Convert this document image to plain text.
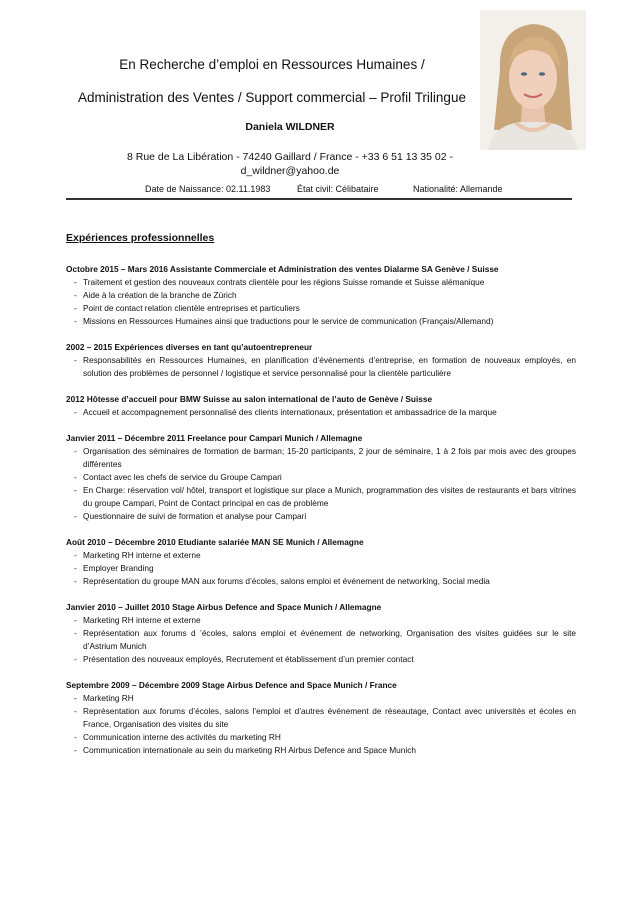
En Recherche d’emploi en Ressources Humaines /
Administration des Ventes / Support commercial – Profil Trilingue
Daniela WILDNER
8 Rue de La Libération - 74240 Gaillard / France - +33 6 51 13 35 02 -
d_wildner@yahoo.de
Date de Naissance: 02.11.1983	État civil: Célibataire	Nationalité: Allemande
Expériences professionnelles
Octobre 2015 – Mars 2016 Assistante Commerciale et Administration des ventes Dialarme SA Genève / Suisse
- Traitement et gestion des nouveaux contrats clientèle pour les régions Suisse romande et Suisse alémanique
- Aide à la création de la branche de Zürich
- Point de contact relation clientèle entreprises et particuliers
- Missions en Ressources Humaines ainsi que traductions pour le service de communication (Français/Allemand)
2002 – 2015 Expériences diverses en tant qu’autoentrepreneur
- Responsabilités en Ressources Humaines, en planification d’événements d’entreprise, en formation de nouveaux employés, en solution des problèmes de personnel / logistique et service personnalisé pour la clientèle particulière
2012 Hôtesse d’accueil pour BMW Suisse au salon international de l’auto de Genève / Suisse
- Accueil et accompagnement personnalisé des clients internationaux, présentation et ambassadrice de la marque
Janvier 2011 – Décembre 2011 Freelance pour Campari Munich / Allemagne
- Organisation des séminaires de formation de barman; 15-20 participants, 2 jour de séminaire, 1 à 2 fois par mois avec des groupes différentes
- Contact avec les chefs de service du Groupe Campari
- En Charge: réservation vol/ hôtel, transport et logistique sur place a Munich, programmation des visites de restaurants et bars vitrines du groupe Campari, Point de Contact principal en cas de problème
- Questionnaire de suivi de formation et analyse pour Campari
Août 2010 – Décembre 2010 Etudiante salariée MAN SE Munich / Allemagne
- Marketing RH interne et externe
- Employer Branding
- Représentation du groupe MAN aux forums d’écoles, salons emploi et événement de networking, Social media
Janvier 2010 – Juillet 2010 Stage Airbus Defence and Space Munich / Allemagne
- Marketing RH interne et externe
- Représentation aux forums d ’écoles, salons emploi et événement de networking, Organisation des visites guidées sur le site d’Astrium Munich
- Présentation des nouveaux employés, Recrutement et établissement d’un premier contact
Septembre 2009 – Décembre 2009 Stage Airbus Defence and Space Munich / France
- Marketing RH
- Représentation aux forums d’écoles, salons l’emploi et d’autres événement de réseautage, Contact avec universités et écoles en France, Organisation des visites du site
- Communication interne des activités du marketing RH
- Communication internationale au sein du marketing RH Airbus Defence and Space Munich
